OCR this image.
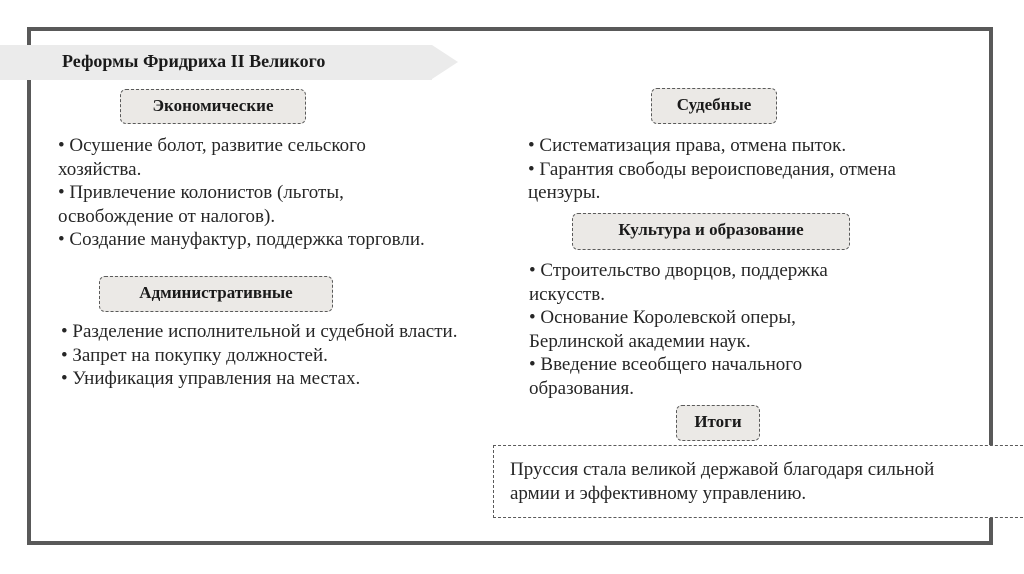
Реформы Фридриха II Великого
Экономические
• Осушение болот, развитие сельского хозяйства.
• Привлечение колонистов (льготы, освобождение от налогов).
• Создание мануфактур, поддержка торговли.
Административные
• Разделение исполнительной и судебной власти.
• Запрет на покупку должностей.
• Унификация управления на местах.
Судебные
• Систематизация права, отмена пыток.
• Гарантия свободы вероисповедания, отмена цензуры.
Культура и образование
• Строительство дворцов, поддержка искусств.
• Основание Королевской оперы, Берлинской академии наук.
• Введение всеобщего начального образования.
Итоги
Пруссия стала великой державой благодаря сильной армии и эффективному управлению.
